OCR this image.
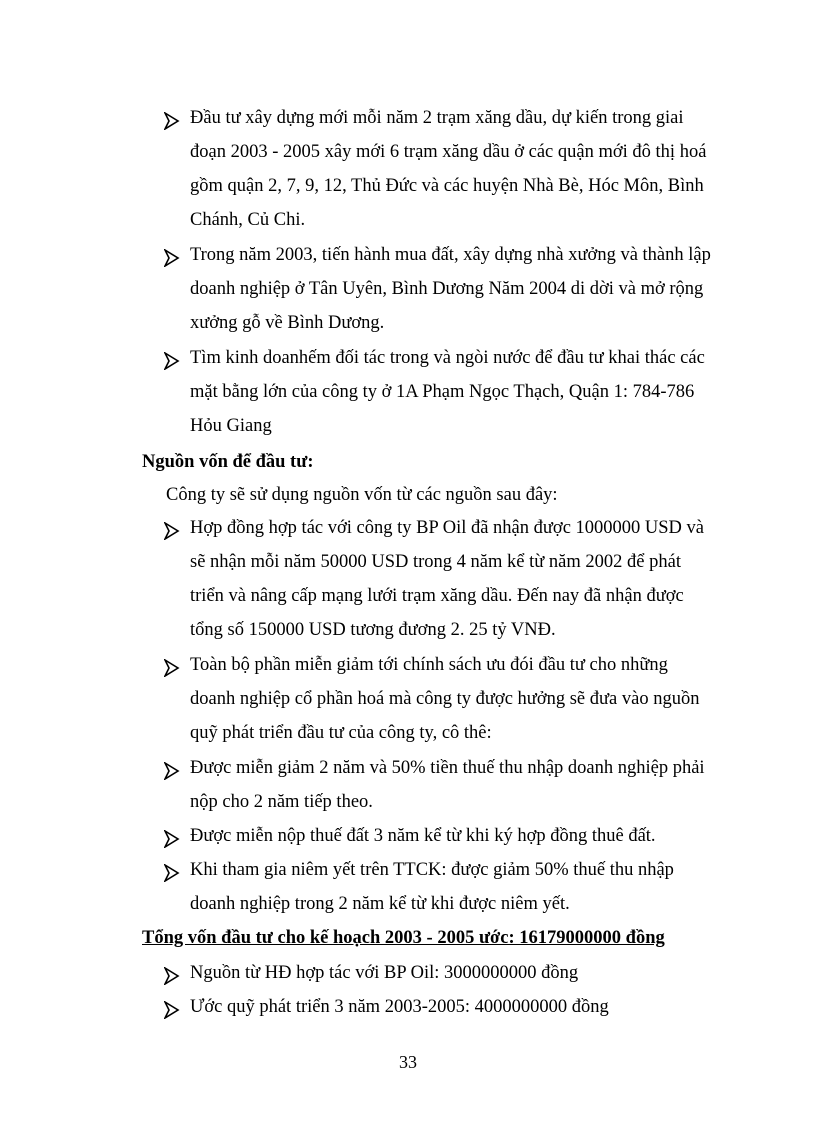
Đầu tư xây dựng mới mỗi năm 2 trạm xăng dầu, dự kiến trong giai
đoạn 2003 - 2005 xây mới 6 trạm xăng dầu ở các quận mới đô thị hoá
gồm quận 2, 7, 9, 12, Thủ Đức và các huyện Nhà Bè, Hóc Môn, Bình
Chánh, Củ Chi.
Trong năm 2003, tiến hành mua đất, xây dựng nhà xưởng và thành lập
doanh nghiệp ở Tân Uyên, Bình Dương Năm 2004 di dời và mở rộng
xưởng gỗ về Bình Dương.
Tìm kinh doanhếm đối tác trong và ngòi nước để đầu tư khai thác các
mặt bằng lớn của công ty ở 1A Phạm Ngọc Thạch, Quận 1: 784-786
Hỏu Giang
Nguồn vốn để đầu tư:
Công ty sẽ sử dụng nguồn vốn từ các nguồn sau đây:
Hợp đồng hợp tác với công ty BP Oil đã nhận được 1000000 USD và
sẽ nhận mỗi năm 50000 USD trong 4 năm kể từ năm 2002 để phát
triển và nâng cấp mạng lưới trạm xăng dầu. Đến nay đã nhận được
tổng số 150000 USD tương đương 2. 25 tỷ VNĐ.
Toàn bộ phần miễn giảm tới chính sách ưu đói đầu tư cho những
doanh nghiệp cổ phần hoá mà công ty được hưởng sẽ đưa vào nguồn
quỹ phát triển đầu tư của công ty, cô thê:
Được miễn giảm 2 năm và 50% tiền thuế thu nhập doanh nghiệp phải
nộp cho 2 năm tiếp theo.
Được miễn nộp thuế đất 3 năm kể từ khi ký hợp đồng thuê đất.
Khi tham gia niêm yết trên TTCK: được giảm 50% thuế thu nhập
doanh nghiệp trong 2 năm kể từ khi được niêm yết.
Tổng vốn đầu tư cho kế hoạch 2003 - 2005 ước: 16179000000 đồng
Nguồn từ HĐ hợp tác với BP Oil: 3000000000 đồng
Ước quỹ phát triển 3 năm 2003-2005: 4000000000 đồng
33
